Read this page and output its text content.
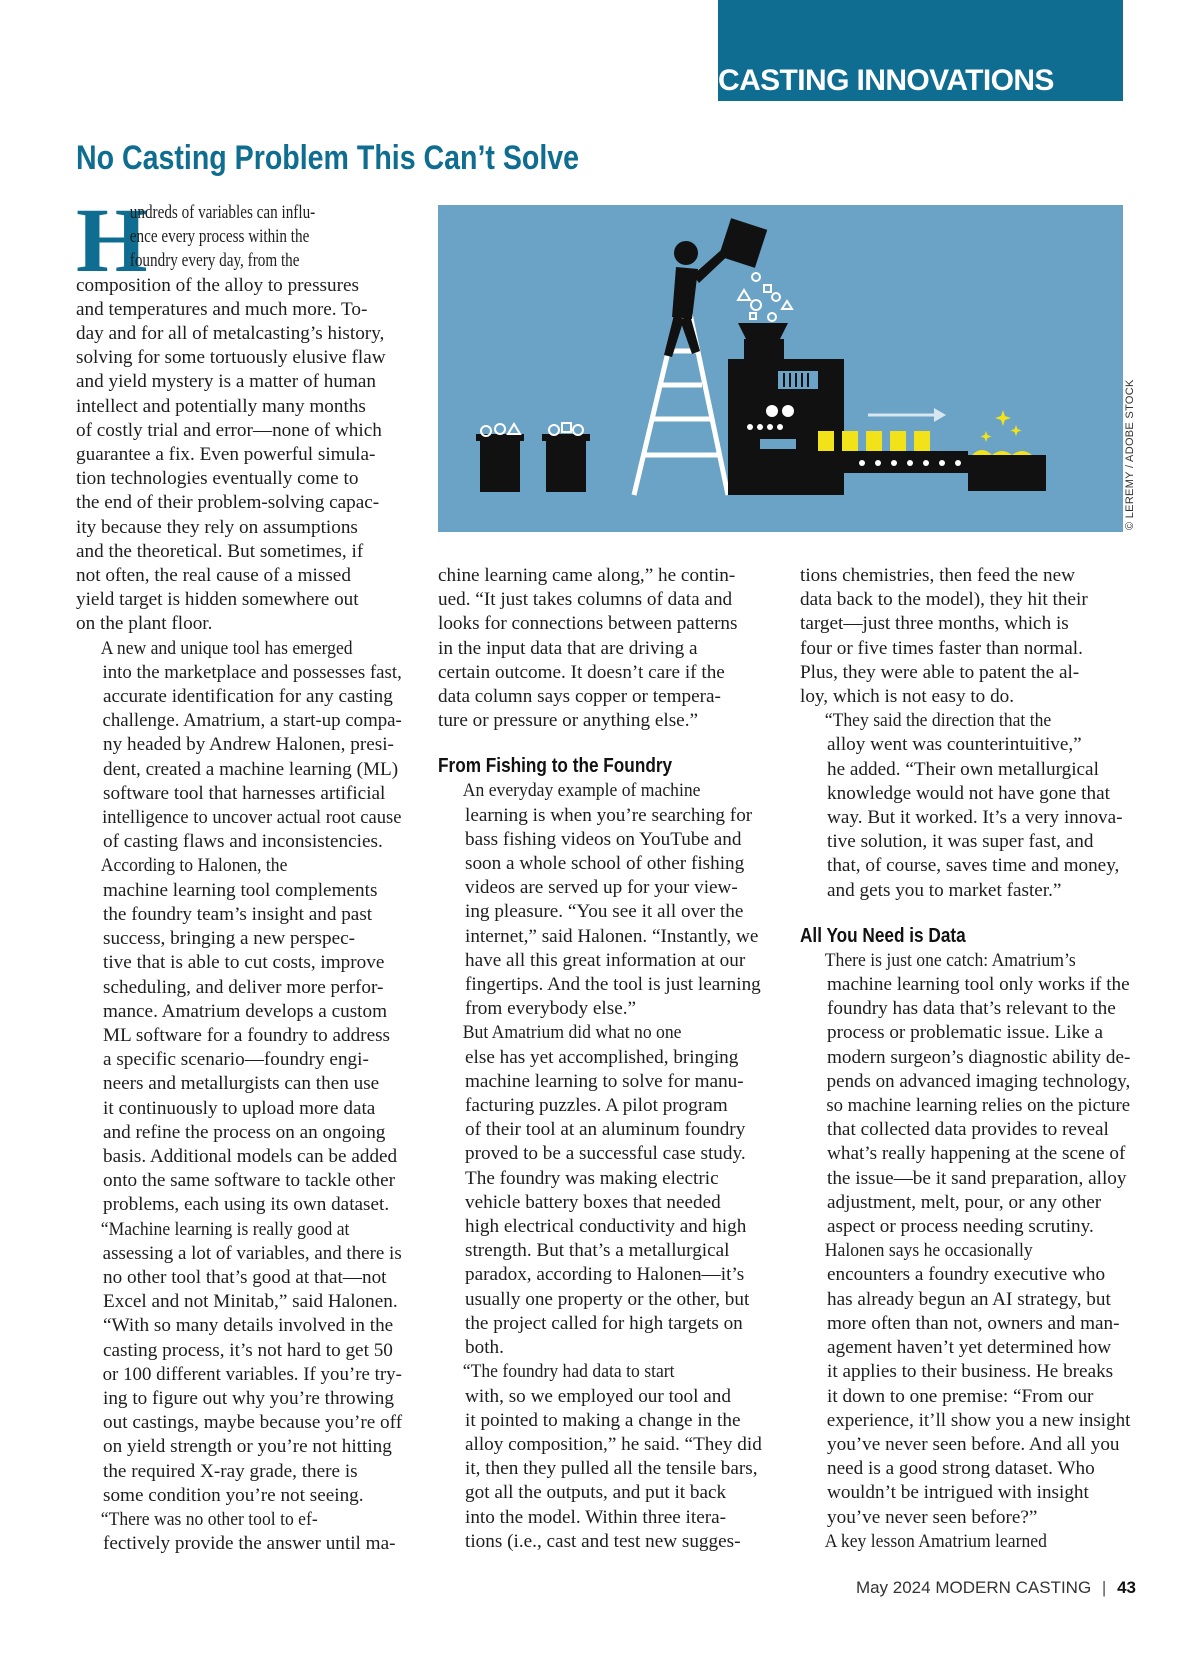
CASTING INNOVATIONS
No Casting Problem This Can’t Solve
H

undreds of variables can influ-
ence every process within the
foundry every day, from the
composition of the alloy to pressures
and temperatures and much more. To-
day and for all of metalcasting’s history,
solving for some tortuously elusive flaw
and yield mystery is a matter of human
intellect and potentially many months
of costly trial and error—none of which
guarantee a fix. Even powerful simula-
tion technologies eventually come to
the end of their problem-solving capac-
ity because they rely on assumptions
and the theoretical. But sometimes, if
not often, the real cause of a missed
yield target is hidden somewhere out
on the plant floor.

A new and unique tool has emerged
into the marketplace and possesses fast,
accurate identification for any casting
challenge. Amatrium, a start-up compa-
ny headed by Andrew Halonen, presi-
dent, created a machine learning (ML)
software tool that harnesses artificial
intelligence to uncover actual root cause
of casting flaws and inconsistencies.

According to Halonen, the
machine learning tool complements
the foundry team’s insight and past
success, bringing a new perspec-
tive that is able to cut costs, improve
scheduling, and deliver more perfor-
mance. Amatrium develops a custom
ML software for a foundry to address
a specific scenario—foundry engi-
neers and metallurgists can then use
it continuously to upload more data
and refine the process on an ongoing
basis. Additional models can be added
onto the same software to tackle other
problems, each using its own dataset.

“Machine learning is really good at
assessing a lot of variables, and there is
no other tool that’s good at that—not
Excel and not Minitab,” said Halonen.
“With so many details involved in the
casting process, it’s not hard to get 50
or 100 different variables. If you’re try-
ing to figure out why you’re throwing
out castings, maybe because you’re off
on yield strength or you’re not hitting
the required X-ray grade, there is
some condition you’re not seeing.

“There was no other tool to ef-
fectively provide the answer until ma-

© LEREMY / ADOBE STOCK

chine learning came along,” he contin-
ued. “It just takes columns of data and
looks for connections between patterns
in the input data that are driving a
certain outcome. It doesn’t care if the
data column says copper or tempera-
ture or pressure or anything else.”

From Fishing to the Foundry

An everyday example of machine
learning is when you’re searching for
bass fishing videos on YouTube and
soon a whole school of other fishing
videos are served up for your view-
ing pleasure. “You see it all over the
internet,” said Halonen. “Instantly, we
have all this great information at our
fingertips. And the tool is just learning
from everybody else.”

But Amatrium did what no one
else has yet accomplished, bringing
machine learning to solve for manu-
facturing puzzles. A pilot program
of their tool at an aluminum foundry
proved to be a successful case study.
The foundry was making electric
vehicle battery boxes that needed
high electrical conductivity and high
strength. But that’s a metallurgical
paradox, according to Halonen—it’s
usually one property or the other, but
the project called for high targets on
both.

“The foundry had data to start
with, so we employed our tool and
it pointed to making a change in the
alloy composition,” he said. “They did
it, then they pulled all the tensile bars,
got all the outputs, and put it back
into the model. Within three itera-
tions (i.e., cast and test new sugges-

tions chemistries, then feed the new
data back to the model), they hit their
target—just three months, which is
four or five times faster than normal.
Plus, they were able to patent the al-
loy, which is not easy to do.

“They said the direction that the
alloy went was counterintuitive,”
he added. “Their own metallurgical
knowledge would not have gone that
way. But it worked. It’s a very innova-
tive solution, it was super fast, and
that, of course, saves time and money,
and gets you to market faster.”

All You Need is Data

There is just one catch: Amatrium’s
machine learning tool only works if the
foundry has data that’s relevant to the
process or problematic issue. Like a
modern surgeon’s diagnostic ability de-
pends on advanced imaging technology,
so machine learning relies on the picture
that collected data provides to reveal
what’s really happening at the scene of
the issue—be it sand preparation, alloy
adjustment, melt, pour, or any other
aspect or process needing scrutiny.

Halonen says he occasionally
encounters a foundry executive who
has already begun an AI strategy, but
more often than not, owners and man-
agement haven’t yet determined how
it applies to their business. He breaks
it down to one premise: “From our
experience, it’ll show you a new insight
you’ve never seen before. And all you
need is a good strong dataset. Who
wouldn’t be intrigued with insight
you’ve never seen before?”

A key lesson Amatrium learned

May 2024 MODERN CASTING | 43
